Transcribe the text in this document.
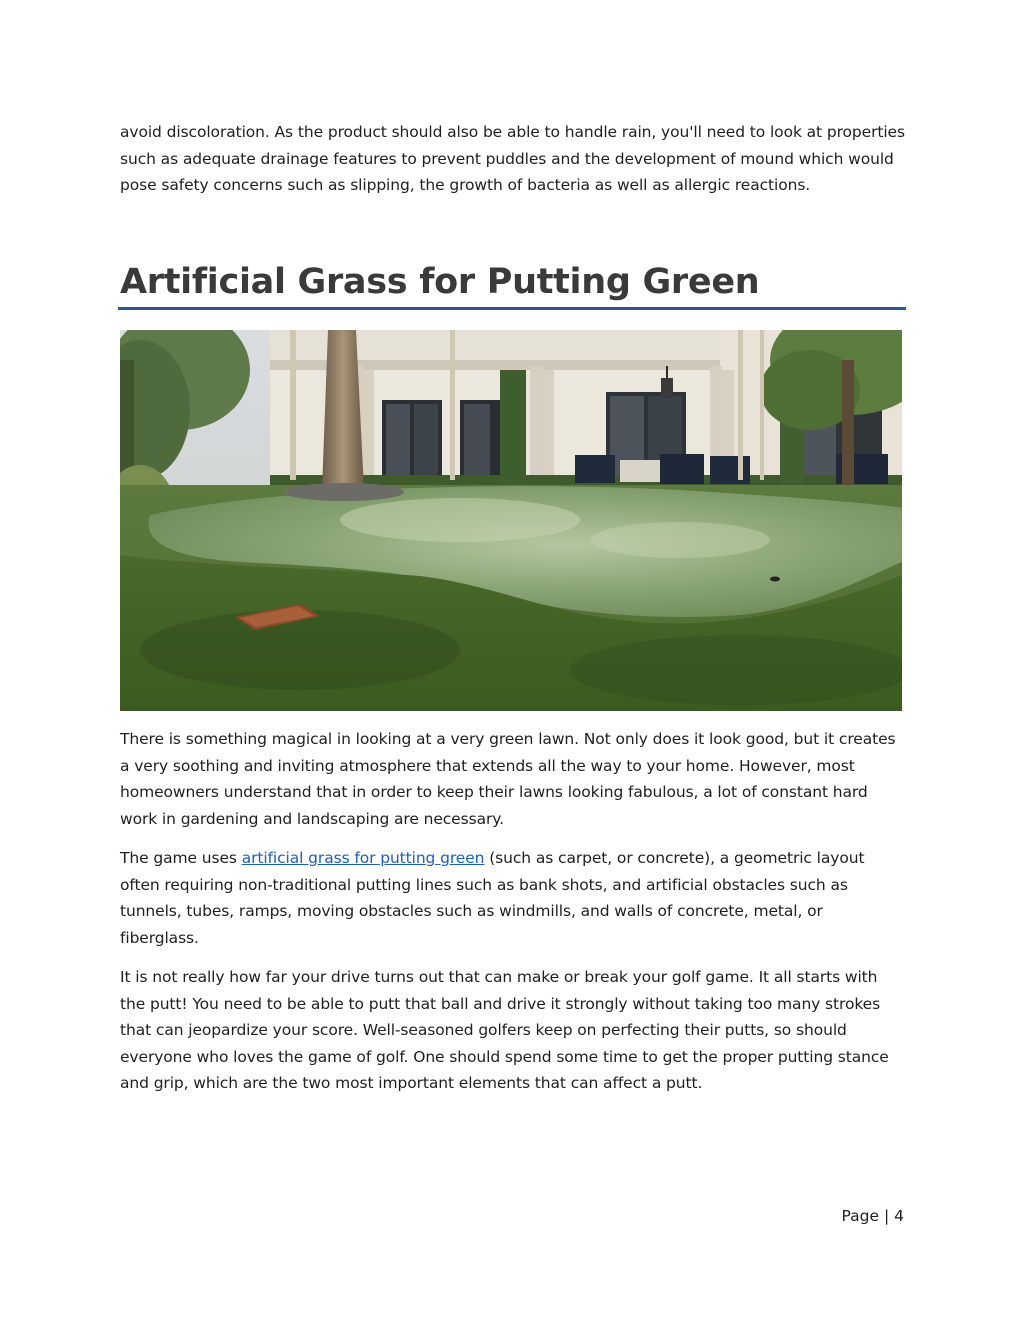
avoid discoloration. As the product should also be able to handle rain, you'll need to look at properties such as adequate drainage features to prevent puddles and the development of mound which would pose safety concerns such as slipping, the growth of bacteria as well as allergic reactions.

Artificial Grass for Putting Green

There is something magical in looking at a very green lawn. Not only does it look good, but it creates a very soothing and inviting atmosphere that extends all the way to your home. However, most homeowners understand that in order to keep their lawns looking fabulous, a lot of constant hard work in gardening and landscaping are necessary.

The game uses artificial grass for putting green (such as carpet, or concrete), a geometric layout often requiring non-traditional putting lines such as bank shots, and artificial obstacles such as tunnels, tubes, ramps, moving obstacles such as windmills, and walls of concrete, metal, or fiberglass.

It is not really how far your drive turns out that can make or break your golf game. It all starts with the putt! You need to be able to putt that ball and drive it strongly without taking too many strokes that can jeopardize your score. Well-seasoned golfers keep on perfecting their putts, so should everyone who loves the game of golf. One should spend some time to get the proper putting stance and grip, which are the two most important elements that can affect a putt.

Page | 4
